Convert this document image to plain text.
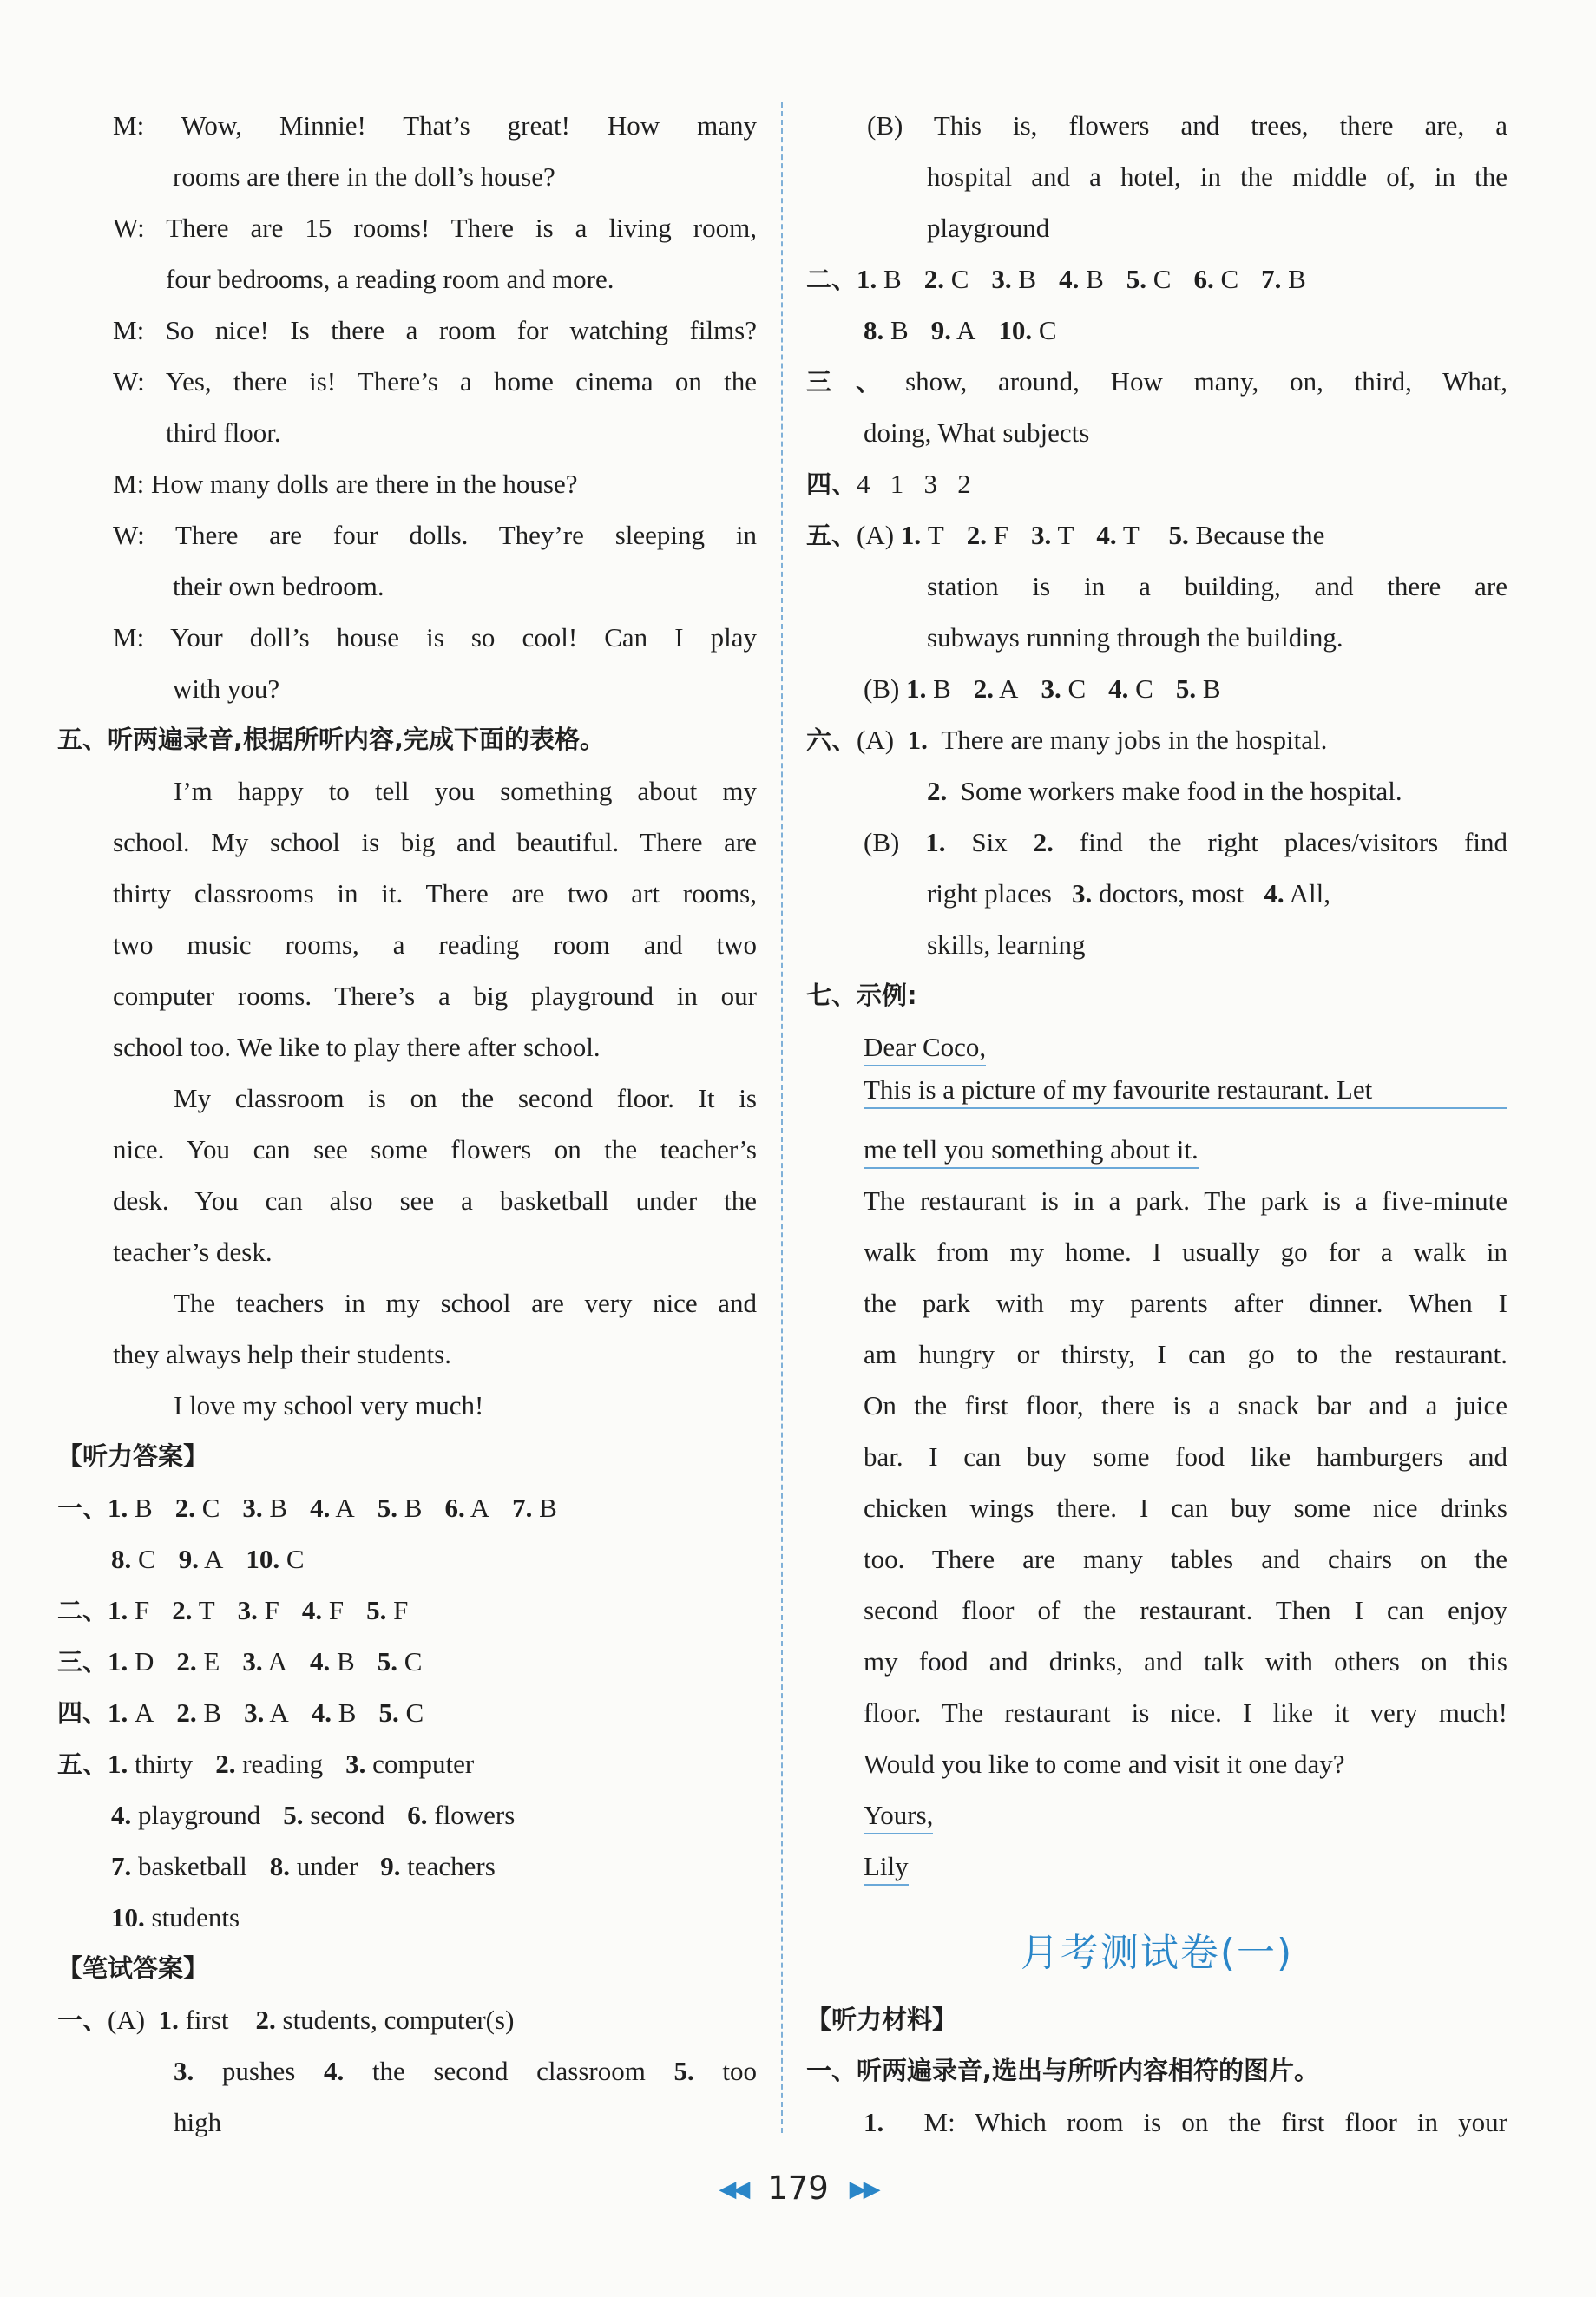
M: Wow, Minnie! That’s great! How many
rooms are there in the doll’s house?
W: There are 15 rooms! There is a living room,
four bedrooms, a reading room and more.
M: So nice! Is there a room for watching films?
W: Yes, there is! There’s a home cinema on the
third floor.
M: How many dolls are there in the house?
W: There are four dolls. They’re sleeping in
their own bedroom.
M: Your doll’s house is so cool! Can I play
with you?
五、听两遍录音,根据所听内容,完成下面的表格。
I’m happy to tell you something about my
school. My school is big and beautiful. There are
thirty classrooms in it. There are two art rooms,
two music rooms, a reading room and two
computer rooms. There’s a big playground in our
school too. We like to play there after school.
My classroom is on the second floor. It is
nice. You can see some flowers on the teacher’s
desk. You can also see a basketball under the
teacher’s desk.
The teachers in my school are very nice and
they always help their students.
I love my school very much!
【听力答案】
一、1. B 2. C 3. B 4. A 5. B 6. A 7. B
8. C 9. A 10. C
二、1. F 2. T 3. F 4. F 5. F
三、1. D 2. E 3. A 4. B 5. C
四、1. A 2. B 3. A 4. B 5. C
五、1. thirty 2. reading 3. computer
4. playground 5. second 6. flowers
7. basketball 8. under 9. teachers
10. students
【笔试答案】
一、(A) 1. first 2. students, computer(s)
3. pushes 4. the second classroom 5. too
high
(B) This is, flowers and trees, there are, a
hospital and a hotel, in the middle of, in the
playground
二、1. B 2. C 3. B 4. B 5. C 6. C 7. B
8. B 9. A 10. C
三、show, around, How many, on, third, What,
doing, What subjects
四、4   1   3   2
五、(A) 1. T 2. F 3. T 4. T 5. Because the
station is in a building, and there are
subways running through the building.
(B) 1. B 2. A 3. C 4. C 5. B
六、(A) 1. There are many jobs in the hospital.
2. Some workers make food in the hospital.
(B) 1. Six 2. find the right places/visitors find
right places 3. doctors, most 4. All,
skills, learning
七、示例:
Dear Coco,
This is a picture of my favourite restaurant. Let
me tell you something about it.
The restaurant is in a park. The park is a five-minute
walk from my home. I usually go for a walk in
the park with my parents after dinner. When I
am hungry or thirsty, I can go to the restaurant.
On the first floor, there is a snack bar and a juice
bar. I can buy some food like hamburgers and
chicken wings there. I can buy some nice drinks
too. There are many tables and chairs on the
second floor of the restaurant. Then I can enjoy
my food and drinks, and talk with others on this
floor. The restaurant is nice. I like it very much!
Would you like to come and visit it one day?
Yours,
Lily
月考测试卷(一)
【听力材料】
一、听两遍录音,选出与所听内容相符的图片。
1. M: Which room is on the first floor in your
◀◀ 179 ▶▶
